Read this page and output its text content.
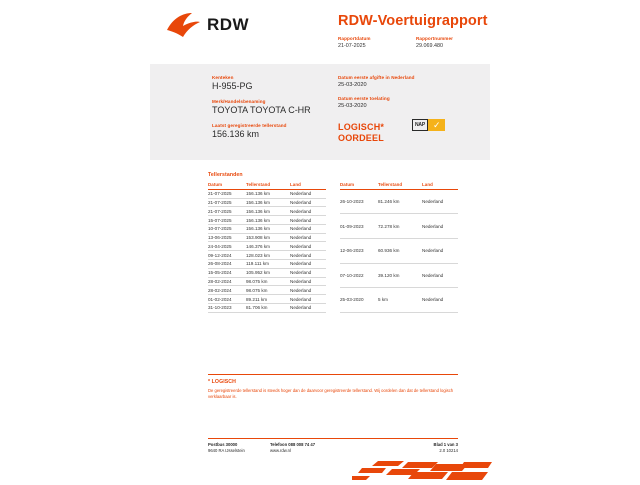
RDW	RDW-Voertuigrapport
Rapportdatum
21-07-2025
Rapportnummer
29.069.480
Kenteken
H-955-PG
Merk/Handelsbenaming
TOYOTA TOYOTA C-HR
Laatst geregistreerde tellerstand
156.136 km
Datum eerste afgifte in Nederland
25-03-2020
Datum eerste toelating
25-03-2020
LOGISCH*
OORDEEL
NAP ✓
Tellerstanden
Datum	Tellerstand	Land
21-07-2025	156.136 km	Nederland
21-07-2025	156.136 km	Nederland
21-07-2025	156.136 km	Nederland
15-07-2025	156.136 km	Nederland
10-07-2025	156.136 km	Nederland
13-06-2025	153.908 km	Nederland
24-04-2025	146.376 km	Nederland
09-12-2024	128.023 km	Nederland
26-08-2024	119.111 km	Nederland
15-05-2024	105.952 km	Nederland
28-02-2024	98.075 km	Nederland
28-02-2024	98.075 km	Nederland
01-02-2024	89.211 km	Nederland
31-10-2023	81.706 km	Nederland
Datum	Tellerstand	Land
26-10-2023	81.246 km	Nederland
01-09-2023	72.278 km	Nederland
12-06-2023	60.936 km	Nederland
07-10-2022	39.120 km	Nederland
25-03-2020	5 km	Nederland
* LOGISCH
De geregistreerde tellerstand is steeds hoger dan de daarvoor geregistreerde tellerstand. Wij oordelen dan dat de tellerstand logisch verklaarbaar is.
Postbus 30000
9640 RA IJsselstein
Telefoon 088 008 74 47
www.rdw.nl
Blad 1 van 3
2.0 10214
